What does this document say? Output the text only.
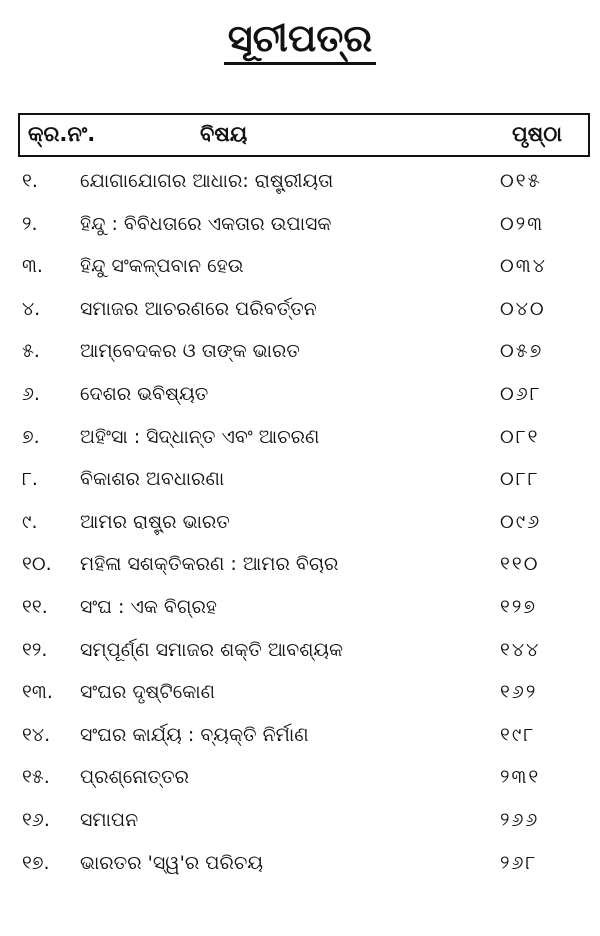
ସୂଚୀପତ୍ର
କ୍ର.ନଂ.	ବିଷୟ	ପୃଷ୍ଠା
୧.	ଯୋଗାଯୋଗର ଆଧାର: ରାଷ୍ଟ୍ରୀୟତା	୦୧୫
୨.	ହିନ୍ଦୁ : ବିବିଧତାରେ ଏକତାର ଉପାସକ	୦୨୩
୩.	ହିନ୍ଦୁ ସଂକଳ୍ପବାନ ହେଉ	୦୩୪
୪.	ସମାଜର ଆଚରଣରେ ପରିବର୍ତ୍ତନ	୦୪୦
୫.	ଆମ୍ବେଦକର ଓ ତାଙ୍କ ଭାରତ	୦୫୭
୬.	ଦେଶର ଭବିଷ୍ୟତ	୦୬୮
୭.	ଅହିଂସା : ସିଦ୍ଧାନ୍ତ ଏବଂ ଆଚରଣ	୦୮୧
୮.	ବିକାଶର ଅବଧାରଣା	୦୮୮
୯.	ଆମର ରାଷ୍ଟ୍ର ଭାରତ	୦୯୬
୧୦.	ମହିଳା ସଶକ୍ତିକରଣ : ଆମର ବିଚାର	୧୧୦
୧୧.	ସଂଘ : ଏକ ବିଗ୍ରହ	୧୨୭
୧୨.	ସମ୍ପୂର୍ଣ୍ଣ ସମାଜର ଶକ୍ତି ଆବଶ୍ୟକ	୧୪୪
୧୩.	ସଂଘର ଦୃଷ୍ଟିକୋଣ	୧୬୨
୧୪.	ସଂଘର କାର୍ଯ୍ୟ : ବ୍ୟକ୍ତି ନିର୍ମାଣ	୧୯୮
୧୫.	ପ୍ରଶ୍ନୋତ୍ତର	୨୩୧
୧୬.	ସମାପନ	୨୬୬
୧୭.	ଭାରତର 'ସ୍ୱ'ର ପରିଚୟ	୨୬୮
